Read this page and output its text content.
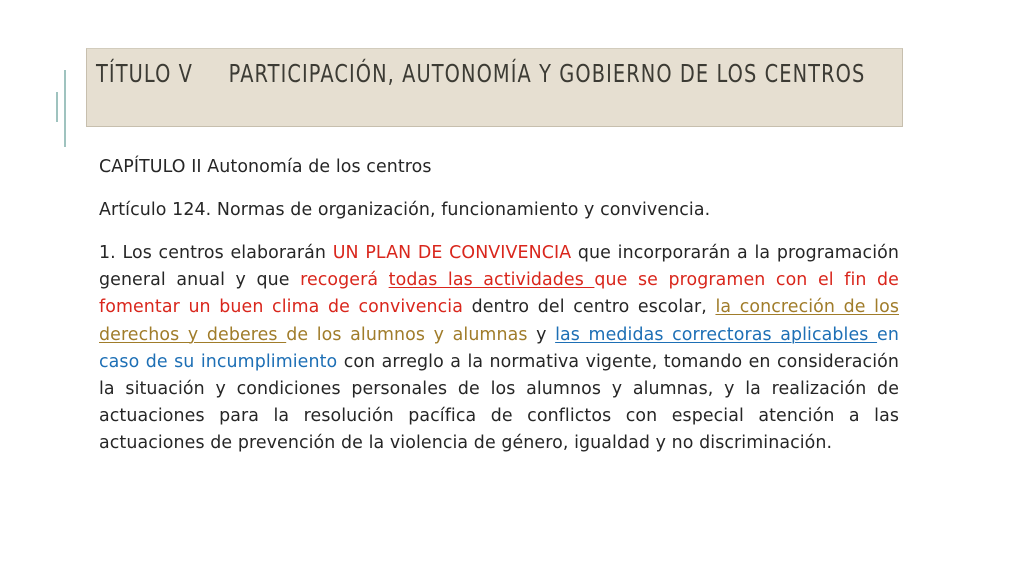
TÍTULO V PARTICIPACIÓN, AUTONOMÍA Y GOBIERNO DE LOS CENTROS

CAPÍTULO II Autonomía de los centros

Artículo 124. Normas de organización, funcionamiento y convivencia.

1. Los centros elaborarán UN PLAN DE CONVIVENCIA que incorporarán a la programación general anual y que recogerá todas las actividades que se programen con el fin de fomentar un buen clima de convivencia dentro del centro escolar, la concreción de los derechos y deberes de los alumnos y alumnas y las medidas correctoras aplicables en caso de su incumplimiento con arreglo a la normativa vigente, tomando en consideración la situación y condiciones personales de los alumnos y alumnas, y la realización de actuaciones para la resolución pacífica de conflictos con especial atención a las actuaciones de prevención de la violencia de género, igualdad y no discriminación.
